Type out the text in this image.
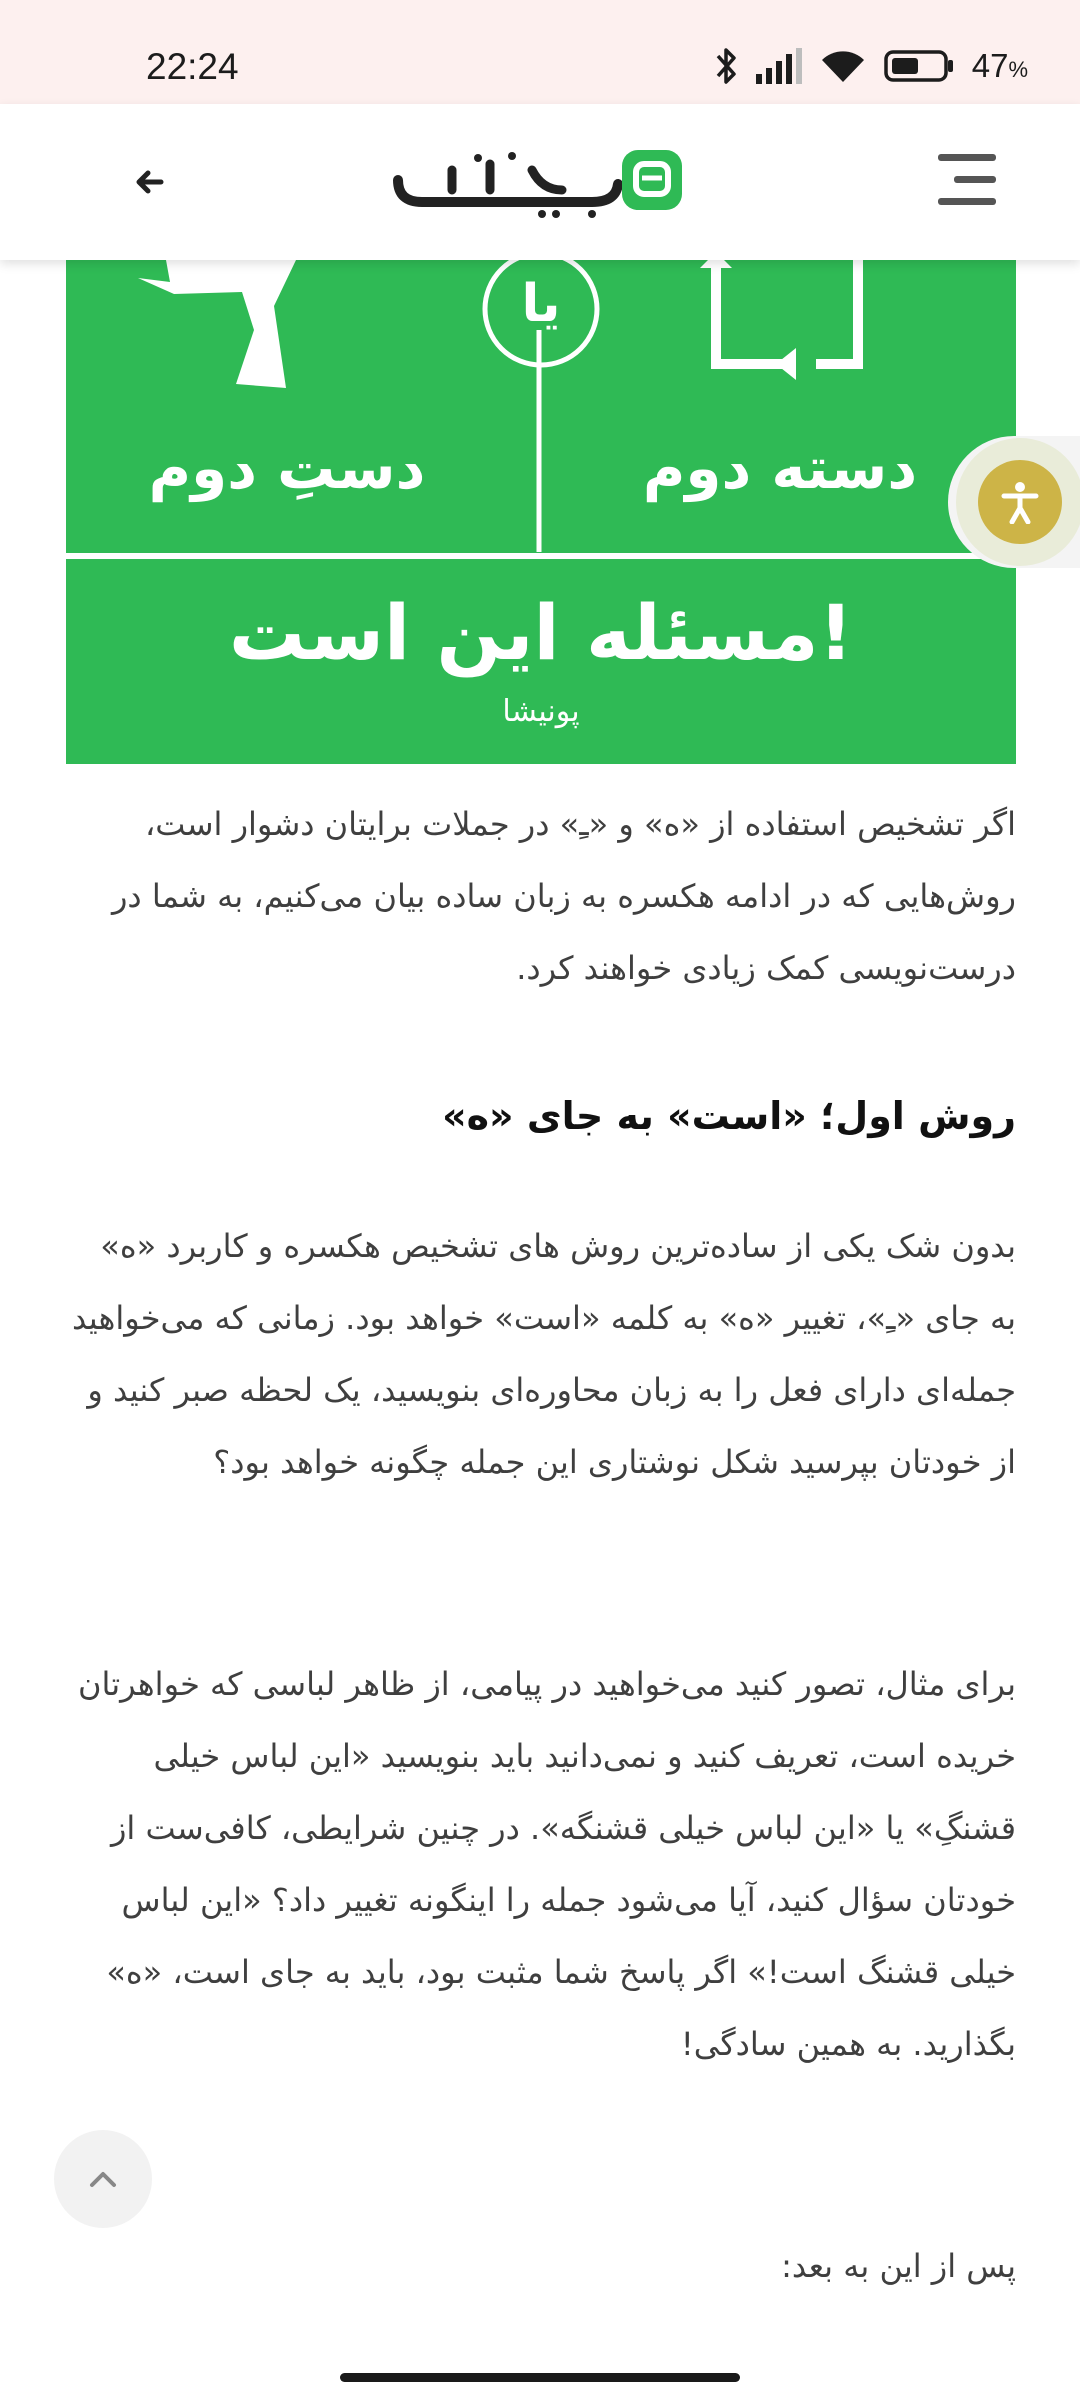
22:24	47%
دستِ دوم	دسته دوم
یا
مسئله این است!
پونیشا

اگر تشخیص استفاده از «ه» و «ـِ» در جملات برایتان دشوار است، روش‌هایی که در ادامه هکسره به زبان ساده بیان می‌کنیم، به شما در درست‌نویسی کمک زیادی خواهند کرد.

روش اول؛ «است» به جای «ه»

بدون شک یکی از ساده‌ترین روش های تشخیص هکسره و کاربرد «ه» به جای «ـِ»، تغییر «ه» به کلمه «است» خواهد بود. زمانی که می‌خواهید جمله‌ای دارای فعل را به زبان محاوره‌ای بنویسید، یک لحظه صبر کنید و از خودتان بپرسید شکل نوشتاری این جمله چگونه خواهد بود؟

برای مثال، تصور کنید می‌خواهید در پیامی، از ظاهر لباسی که خواهرتان خریده است، تعریف کنید و نمی‌دانید باید بنویسید «این لباس خیلی قشنگِ» یا «این لباس خیلی قشنگه». در چنین شرایطی، کافی‌ست از خودتان سؤال کنید، آیا می‌شود جمله را اینگونه تغییر داد؟ «این لباس خیلی قشنگ است!» اگر پاسخ شما مثبت بود، باید به جای است، «ه» بگذارید. به همین سادگی!

پس از این به بعد:
